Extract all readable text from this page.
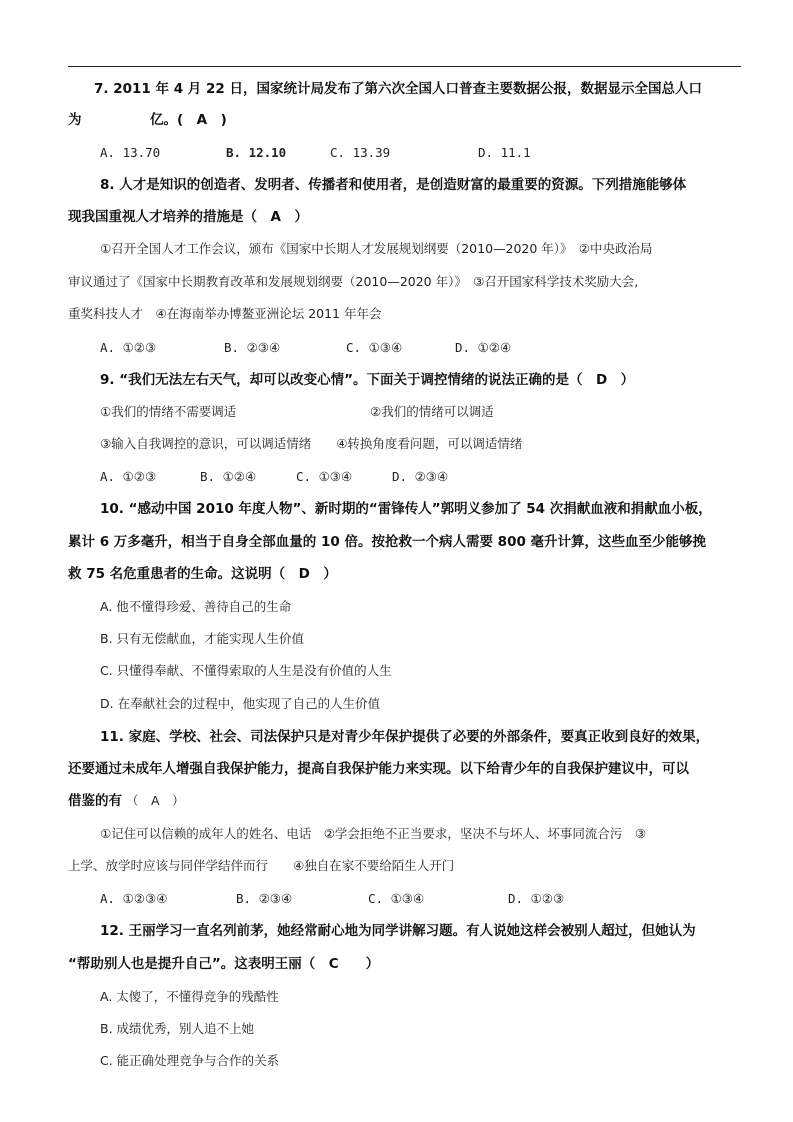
7. 2011 年 4 月 22 日，国家统计局发布了第六次全国人口普查主要数据公报，数据显示全国总人口
为	亿。(　A　)
A. 13.70	B. 12.10	C. 13.39	D. 11.1
8. 人才是知识的创造者、发明者、传播者和使用者，是创造财富的最重要的资源。下列措施能够体
现我国重视人才培养的措施是（　A　）
①召开全国人才工作会议，颁布《国家中长期人才发展规划纲要（2010—2020 年）》　②中央政治局
审议通过了《国家中长期教育改革和发展规划纲要（2010—2020 年）》　③召开国家科学技术奖励大会,
重奖科技人才　④在海南举办博鳌亚洲论坛 2011 年年会
A. ①②③	B. ②③④	C. ①③④	D. ①②④
9. “我们无法左右天气，却可以改变心情”。下面关于调控情绪的说法正确的是（　D　）
①我们的情绪不需要调适	②我们的情绪可以调适
③输入自我调控的意识，可以调适情绪　　④转换角度看问题，可以调适情绪
A. ①②③	B. ①②④	C. ①③④	D. ②③④
10. “感动中国 2010 年度人物”、新时期的“雷锋传人”郭明义参加了 54 次捐献血液和捐献血小板，
累计 6 万多毫升，相当于自身全部血量的 10 倍。按抢救一个病人需要 800 毫升计算，这些血至少能够挽
救 75 名危重患者的生命。这说明（　D　）
A. 他不懂得珍爱、善待自己的生命
B. 只有无偿献血，才能实现人生价值
C. 只懂得奉献、不懂得索取的人生是没有价值的人生
D. 在奉献社会的过程中，他实现了自己的人生价值
11. 家庭、学校、社会、司法保护只是对青少年保护提供了必要的外部条件，要真正收到良好的效果，
还要通过未成年人增强自我保护能力，提高自我保护能力来实现。以下给青少年的自我保护建议中，可以
借鉴的有 （　A　）
①记住可以信赖的成年人的姓名、电话　②学会拒绝不正当要求，坚决不与坏人、坏事同流合污　③
上学、放学时应该与同伴学结伴而行　　④独自在家不要给陌生人开门
A. ①②③④	B. ②③④	C. ①③④	D. ①②③
12. 王丽学习一直名列前茅，她经常耐心地为同学讲解习题。有人说她这样会被别人超过，但她认为
“帮助别人也是提升自己”。这表明王丽（　C　　）
A. 太傻了，不懂得竞争的残酷性
B. 成绩优秀，别人追不上她
C. 能正确处理竞争与合作的关系
